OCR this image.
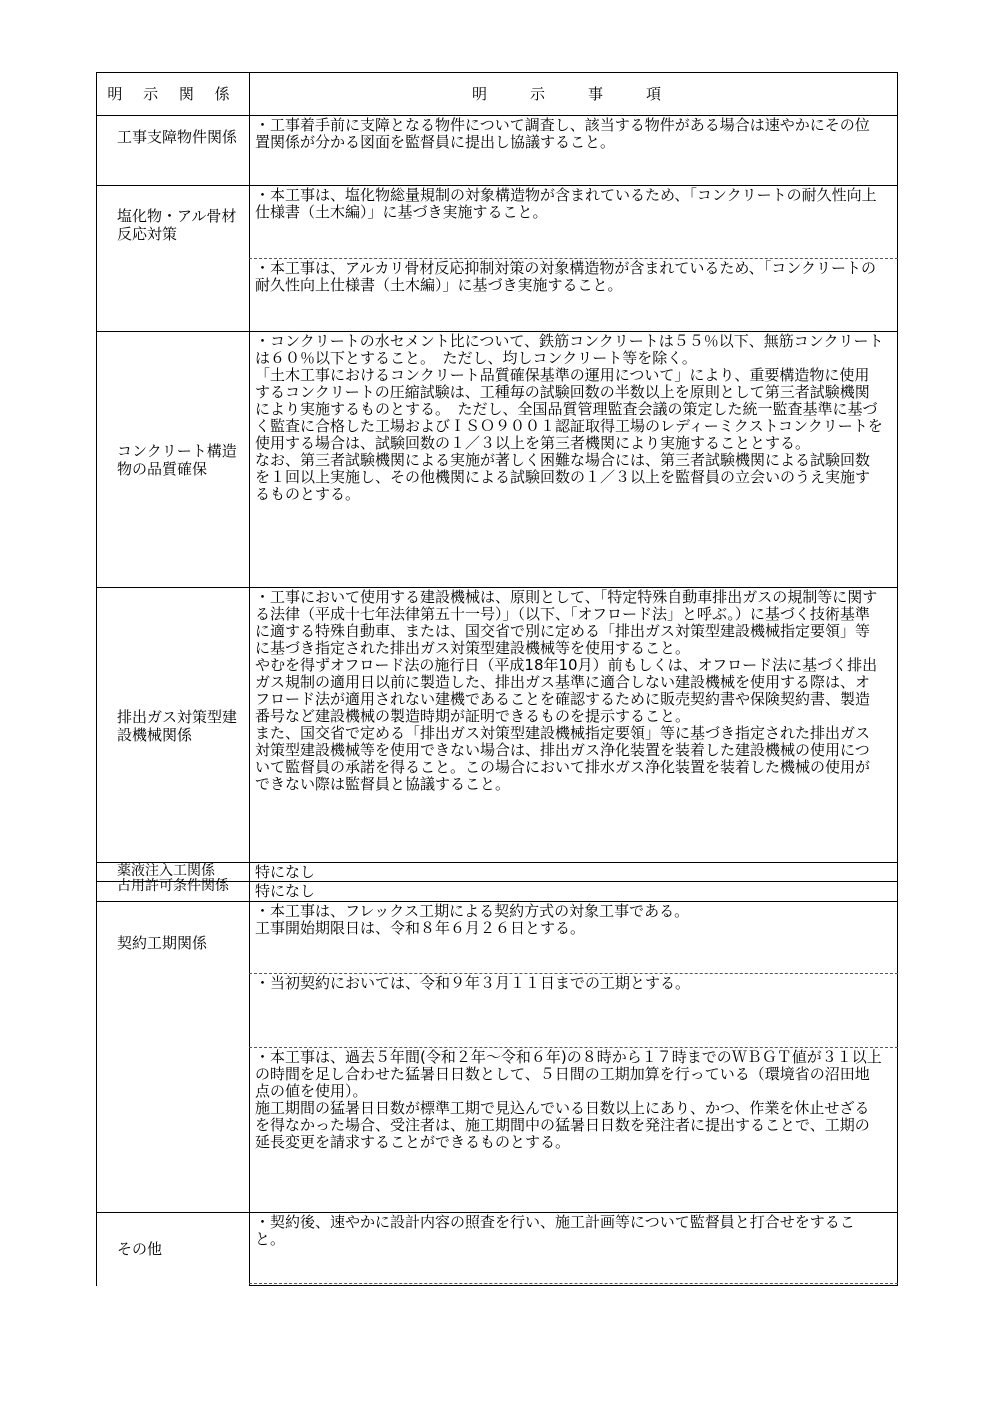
明 示 関 係	明　示　事　項
工事支障物件関係

・工事着手前に支障となる物件について調査し、該当する物件がある場合は速やかにその位置関係が分かる図面を監督員に提出し協議すること。

塩化物・アル骨材反応対策

・本工事は、塩化物総量規制の対象構造物が含まれているため、「コンクリートの耐久性向上仕様書（土木編）」に基づき実施すること。

・本工事は、アルカリ骨材反応抑制対策の対象構造物が含まれているため、「コンクリートの耐久性向上仕様書（土木編）」に基づき実施すること。

コンクリート構造物の品質確保

・コンクリートの水セメント比について、鉄筋コンクリートは５５％以下、無筋コンクリートは６０％以下とすること。　ただし、均しコンクリート等を除く。
「土木工事におけるコンクリート品質確保基準の運用について」により、重要構造物に使用するコンクリートの圧縮試験は、工種毎の試験回数の半数以上を原則として第三者試験機関により実施するものとする。　ただし、全国品質管理監査会議の策定した統一監査基準に基づく監査に合格した工場およびＩＳＯ９００１認証取得工場のレディーミクストコンクリートを使用する場合は、試験回数の１／３以上を第三者機関により実施することとする。
なお、第三者試験機関による実施が著しく困難な場合には、第三者試験機関による試験回数を１回以上実施し、その他機関による試験回数の１／３以上を監督員の立会いのうえ実施するものとする。

排出ガス対策型建設機械関係

・工事において使用する建設機械は、原則として、「特定特殊自動車排出ガスの規制等に関する法律（平成十七年法律第五十一号）」（以下、「オフロード法」と呼ぶ。）に基づく技術基準に適する特殊自動車、または、国交省で別に定める「排出ガス対策型建設機械指定要領」等に基づき指定された排出ガス対策型建設機械等を使用すること。
やむを得ずオフロード法の施行日（平成18年10月）前もしくは、オフロード法に基づく排出ガス規制の適用日以前に製造した、排出ガス基準に適合しない建設機械を使用する際は、オフロード法が適用されない建機であることを確認するために販売契約書や保険契約書、製造番号など建設機械の製造時期が証明できるものを提示すること。
また、国交省で定める「排出ガス対策型建設機械指定要領」等に基づき指定された排出ガス対策型建設機械等を使用できない場合は、排出ガス浄化装置を装着した建設機械の使用について監督員の承諾を得ること。この場合において排水ガス浄化装置を装着した機械の使用ができない際は監督員と協議すること。

薬液注入工関係	特になし

占用許可条件関係	特になし

契約工期関係

・本工事は、フレックス工期による契約方式の対象工事である。
工事開始期限日は、令和８年６月２６日とする。

・当初契約においては、令和９年３月１１日までの工期とする。

・本工事は、過去５年間(令和２年～令和６年)の８時から１７時までのＷＢＧＴ値が３１以上の時間を足し合わせた猛暑日日数として、５日間の工期加算を行っている（環境省の沼田地点の値を使用）。
施工期間の猛暑日日数が標準工期で見込んでいる日数以上にあり、かつ、作業を休止せざるを得なかった場合、受注者は、施工期間中の猛暑日日数を発注者に提出することで、工期の延長変更を請求することができるものとする。

その他

・契約後、速やかに設計内容の照査を行い、施工計画等について監督員と打合せをすること。
